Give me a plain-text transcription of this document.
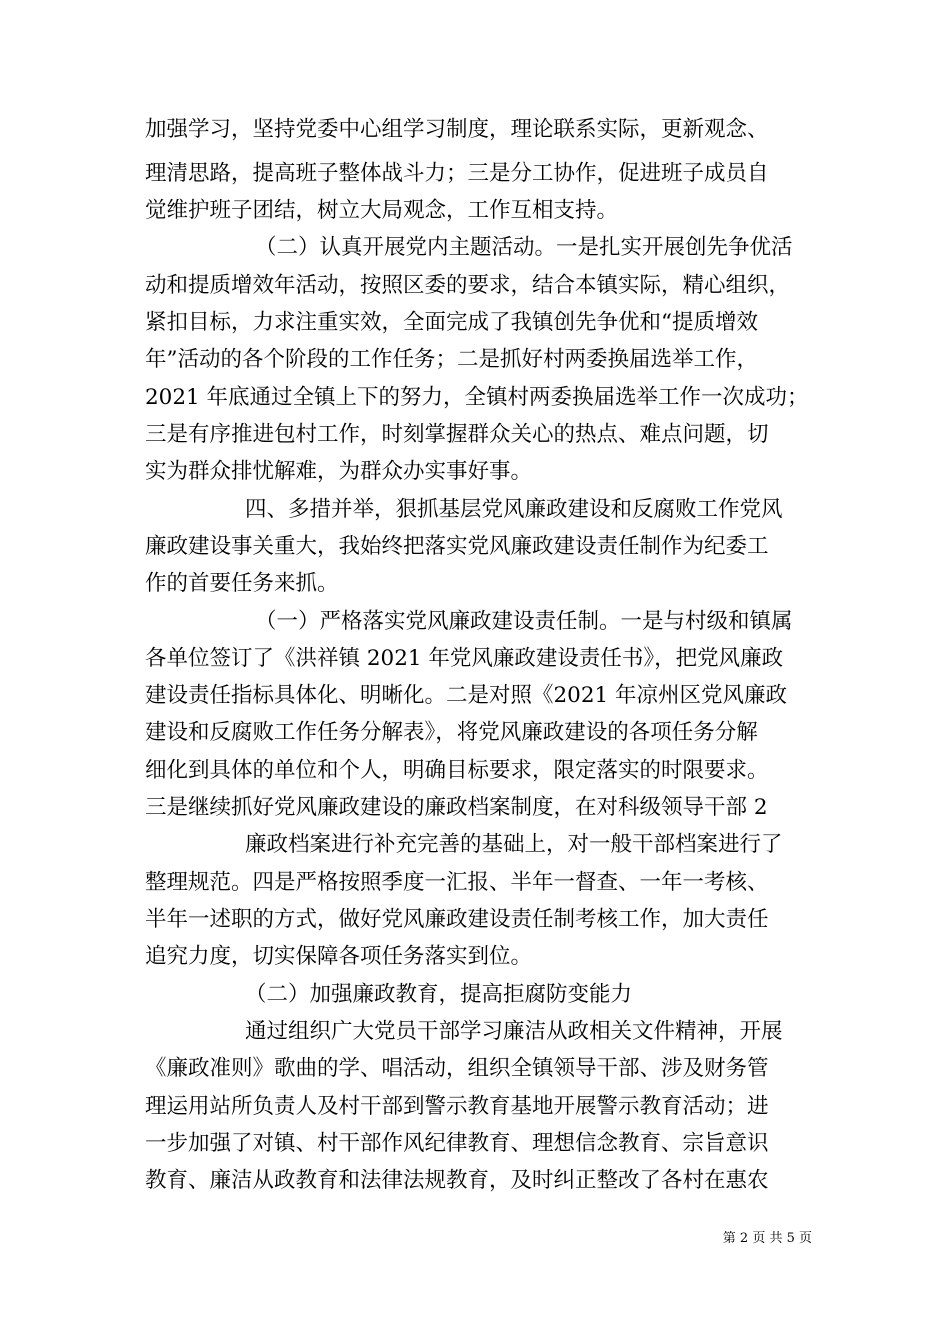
加强学习，坚持党委中心组学习制度，理论联系实际，更新观念、
理清思路，提高班子整体战斗力；三是分工协作，促进班子成员自
觉维护班子团结，树立大局观念，工作互相支持。
（二）认真开展党内主题活动。一是扎实开展创先争优活
动和提质增效年活动，按照区委的要求，结合本镇实际，精心组织，
紧扣目标，力求注重实效，全面完成了我镇创先争优和“提质增效
年”活动的各个阶段的工作任务；二是抓好村两委换届选举工作，
2021 年底通过全镇上下的努力，全镇村两委换届选举工作一次成功；
三是有序推进包村工作，时刻掌握群众关心的热点、难点问题，切
实为群众排忧解难，为群众办实事好事。
四、多措并举，狠抓基层党风廉政建设和反腐败工作党风
廉政建设事关重大，我始终把落实党风廉政建设责任制作为纪委工
作的首要任务来抓。
（一）严格落实党风廉政建设责任制。一是与村级和镇属
各单位签订了《洪祥镇 2021 年党风廉政建设责任书》，把党风廉政
建设责任指标具体化、明晰化。二是对照《2021 年凉州区党风廉政
建设和反腐败工作任务分解表》，将党风廉政建设的各项任务分解
细化到具体的单位和个人，明确目标要求，限定落实的时限要求。
三是继续抓好党风廉政建设的廉政档案制度，在对科级领导干部 2
廉政档案进行补充完善的基础上，对一般干部档案进行了
整理规范。四是严格按照季度一汇报、半年一督查、一年一考核、
半年一述职的方式，做好党风廉政建设责任制考核工作，加大责任
追究力度，切实保障各项任务落实到位。
（二）加强廉政教育，提高拒腐防变能力
通过组织广大党员干部学习廉洁从政相关文件精神，开展
《廉政准则》歌曲的学、唱活动，组织全镇领导干部、涉及财务管
理运用站所负责人及村干部到警示教育基地开展警示教育活动；进
一步加强了对镇、村干部作风纪律教育、理想信念教育、宗旨意识
教育、廉洁从政教育和法律法规教育，及时纠正整改了各村在惠农
第 2 页 共 5 页
